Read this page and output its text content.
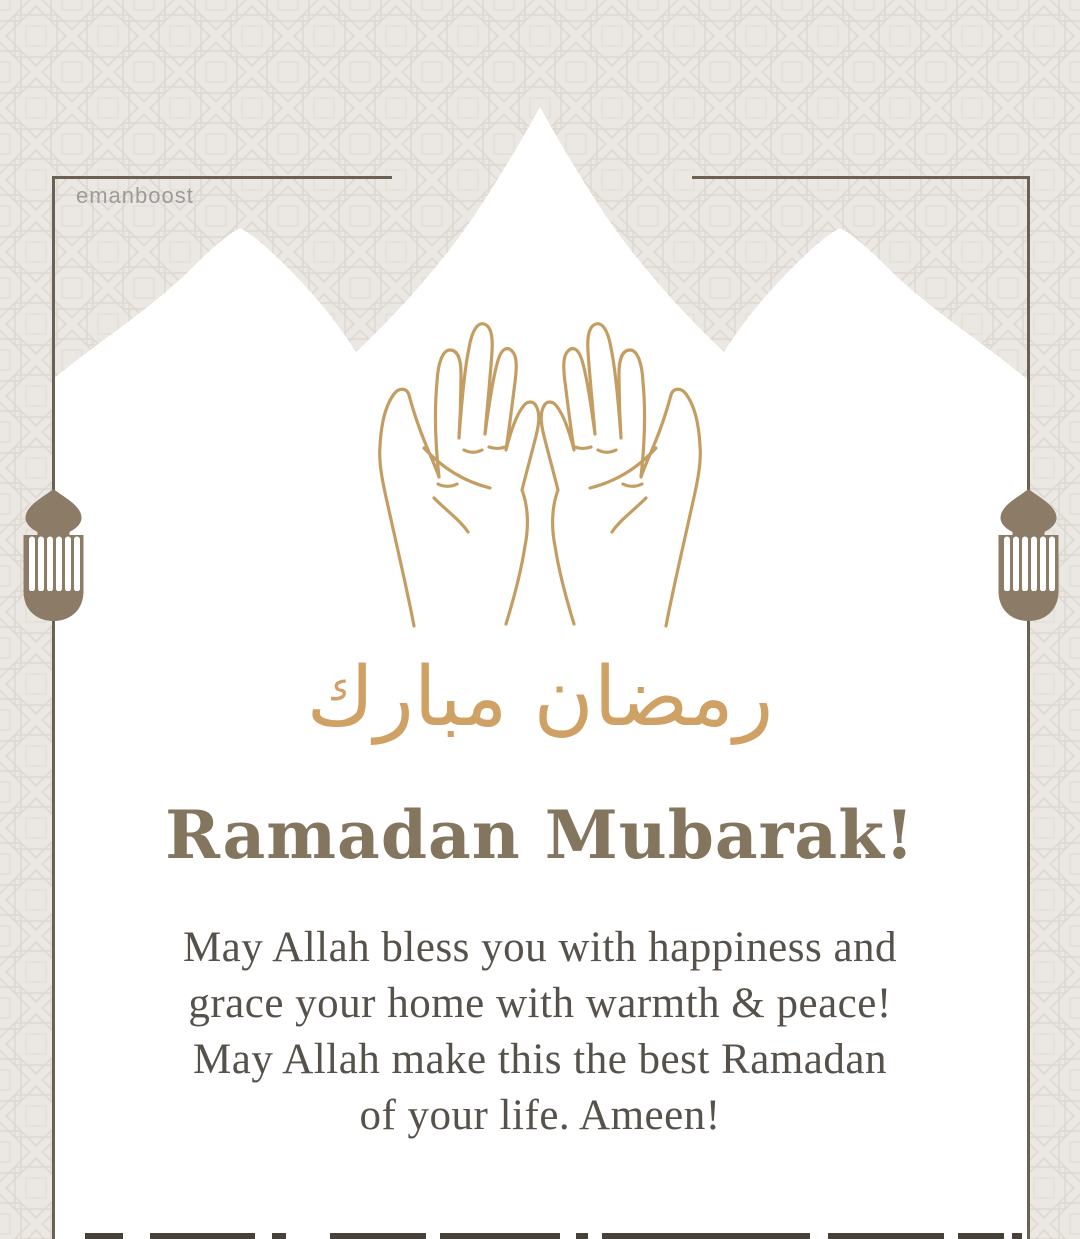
emanboost
رمضان مبارك
Ramadan Mubarak!
May Allah bless you with happiness and
grace your home with warmth & peace!
May Allah make this the best Ramadan
of your life. Ameen!
